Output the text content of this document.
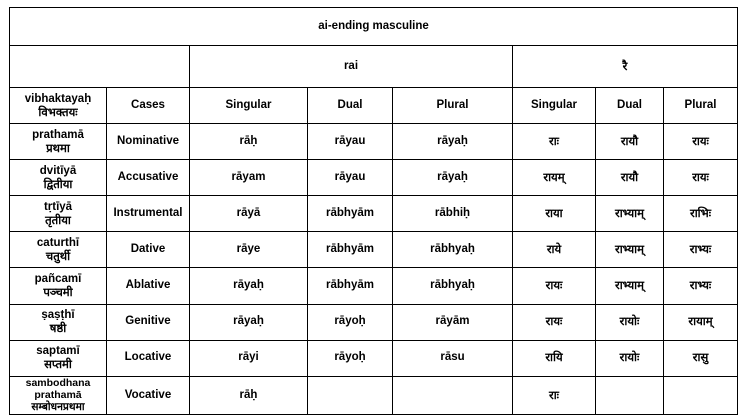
ai-ending masculine							
		rai			रै		

vibhaktayaḥ
विभक्तयः	Cases	Singular	Dual	Plural	Singular	Dual	Plural

prathamā
प्रथमा	Nominative	rāḥ	rāyau	rāyaḥ	राः	रायौ	रायः

dvitīyā
द्वितीया	Accusative	rāyam	rāyau	rāyaḥ	रायम्	रायौ	रायः

tṛtīyā
तृतीया	Instrumental	rāyā	rābhyām	rābhiḥ	राया	राभ्याम्	राभिः

caturthī
चतुर्थी	Dative	rāye	rābhyām	rābhyaḥ	राये	राभ्याम्	राभ्यः

pañcamī
पञ्चमी	Ablative	rāyaḥ	rābhyām	rābhyaḥ	रायः	राभ्याम्	राभ्यः

ṣaṣṭhī
षष्ठी	Genitive	rāyaḥ	rāyoḥ	rāyām	रायः	रायोः	रायाम्

saptamī
सप्तमी	Locative	rāyi	rāyoḥ	rāsu	रायि	रायोः	रासु

sambodhana
prathamā
सम्बोधनप्रथमा	Vocative	rāḥ			राः		
